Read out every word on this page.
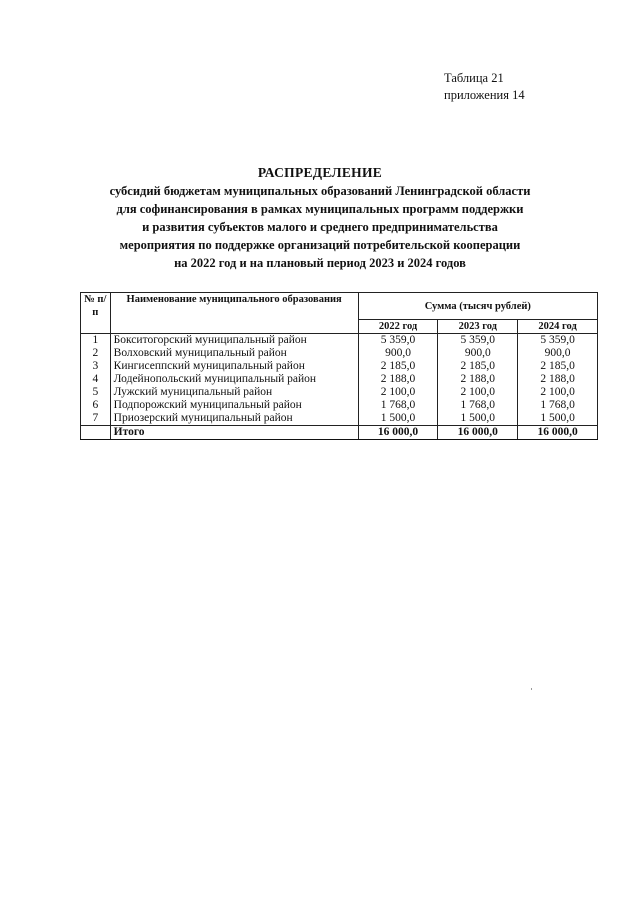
Таблица 21
приложения 14
РАСПРЕДЕЛЕНИЕ
субсидий бюджетам муниципальных образований Ленинградской области
для софинансирования в рамках муниципальных программ поддержки
и развития субъектов малого и среднего предпринимательства
мероприятия по поддержке организаций потребительской кооперации
на 2022 год и на плановый период 2023 и 2024 годов
№ п/п	Наименование муниципального образования	Сумма (тысяч рублей)		
		2022 год	2023 год	2024 год
1	Бокситогорский муниципальный район	5 359,0	5 359,0	5 359,0
2	Волховский муниципальный район	900,0	900,0	900,0
3	Кингисеппский муниципальный район	2 185,0	2 185,0	2 185,0
4	Лодейнопольский муниципальный район	2 188,0	2 188,0	2 188,0
5	Лужский муниципальный район	2 100,0	2 100,0	2 100,0
6	Подпорожский муниципальный район	1 768,0	1 768,0	1 768,0
7	Приозерский муниципальный район	1 500,0	1 500,0	1 500,0
	Итого	16 000,0	16 000,0	16 000,0
